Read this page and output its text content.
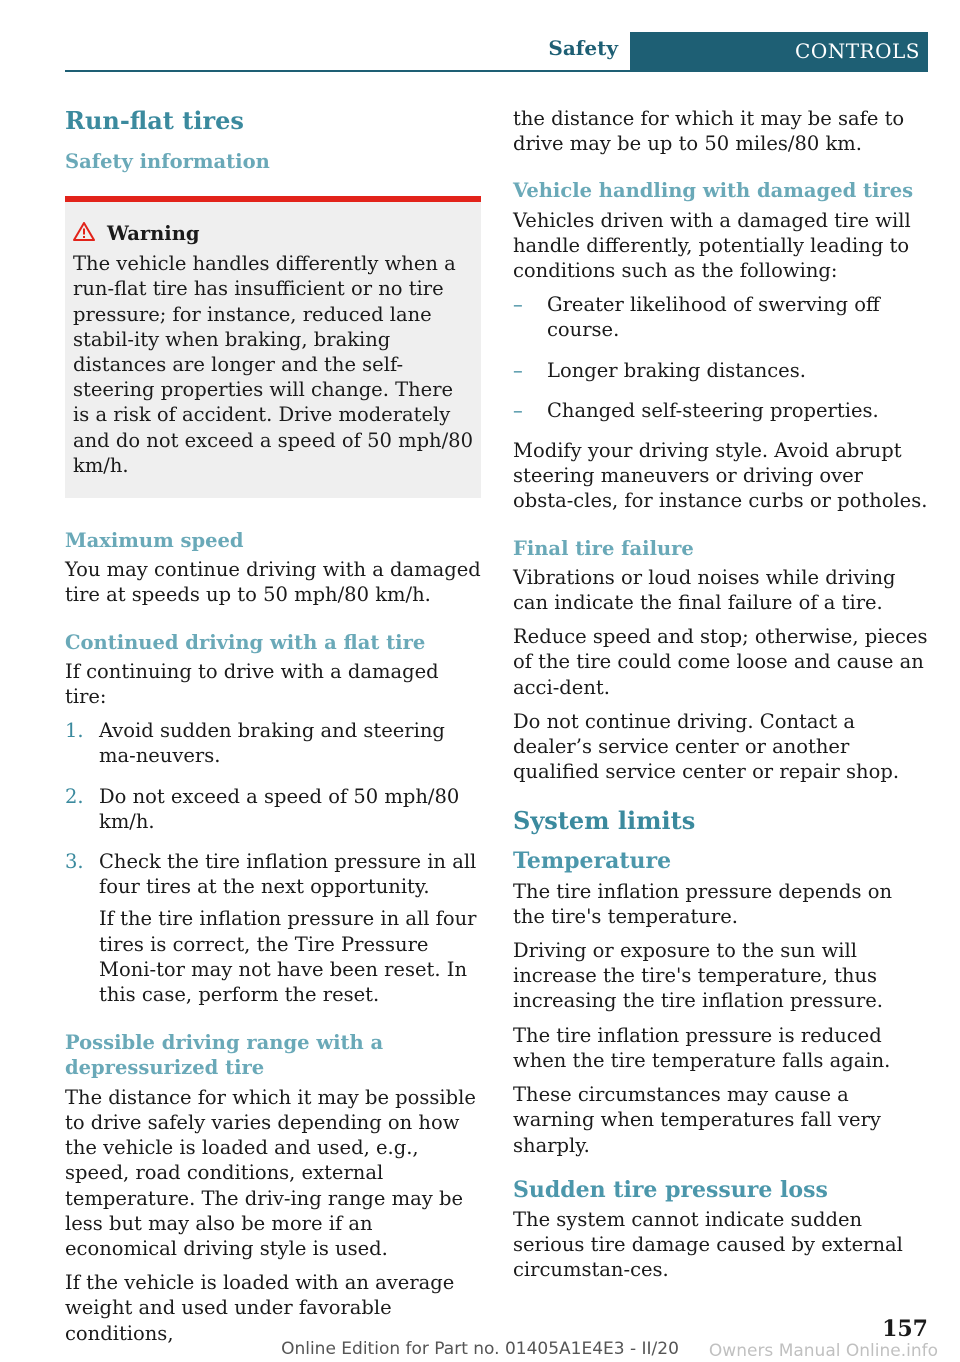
Safety	CONTROLS
Run-flat tires
Safety information
Warning

The vehicle handles differently when a run-flat tire has insufficient or no tire pressure; for instance, reduced lane stabil-ity when braking, braking distances are longer and the self-steering properties will change. There is a risk of accident. Drive moderately and do not exceed a speed of 50 mph/80 km/h.

Maximum speed

You may continue driving with a damaged tire at speeds up to 50 mph/80 km/h.

Continued driving with a flat tire

If continuing to drive with a damaged tire:

1. Avoid sudden braking and steering ma-neuvers.

2. Do not exceed a speed of 50 mph/80 km/h.

3. Check the tire inflation pressure in all four tires at the next opportunity.

If the tire inflation pressure in all four tires is correct, the Tire Pressure Moni-tor may not have been reset. In this case, perform the reset.

Possible driving range with a depressurized tire

The distance for which it may be possible to drive safely varies depending on how the vehicle is loaded and used, e.g., speed, road conditions, external temperature. The driv-ing range may be less but may also be more if an economical driving style is used.

If the vehicle is loaded with an average weight and used under favorable conditions,

the distance for which it may be safe to drive may be up to 50 miles/80 km.

Vehicle handling with damaged tires

Vehicles driven with a damaged tire will handle differently, potentially leading to conditions such as the following:

–	Greater likelihood of swerving off course.

–	Longer braking distances.

–	Changed self-steering properties.

Modify your driving style. Avoid abrupt steering maneuvers or driving over obsta-cles, for instance curbs or potholes.

Final tire failure

Vibrations or loud noises while driving can indicate the final failure of a tire.

Reduce speed and stop; otherwise, pieces of the tire could come loose and cause an acci-dent.

Do not continue driving. Contact a dealer’s service center or another qualified service center or repair shop.

System limits
Temperature

The tire inflation pressure depends on the tire's temperature.

Driving or exposure to the sun will increase the tire's temperature, thus increasing the tire inflation pressure.

The tire inflation pressure is reduced when the tire temperature falls again.

These circumstances may cause a warning when temperatures fall very sharply.

Sudden tire pressure loss

The system cannot indicate sudden serious tire damage caused by external circumstan-ces.

157
Online Edition for Part no. 01405A1E4E3 - II/20	Owners Manual Online.info
